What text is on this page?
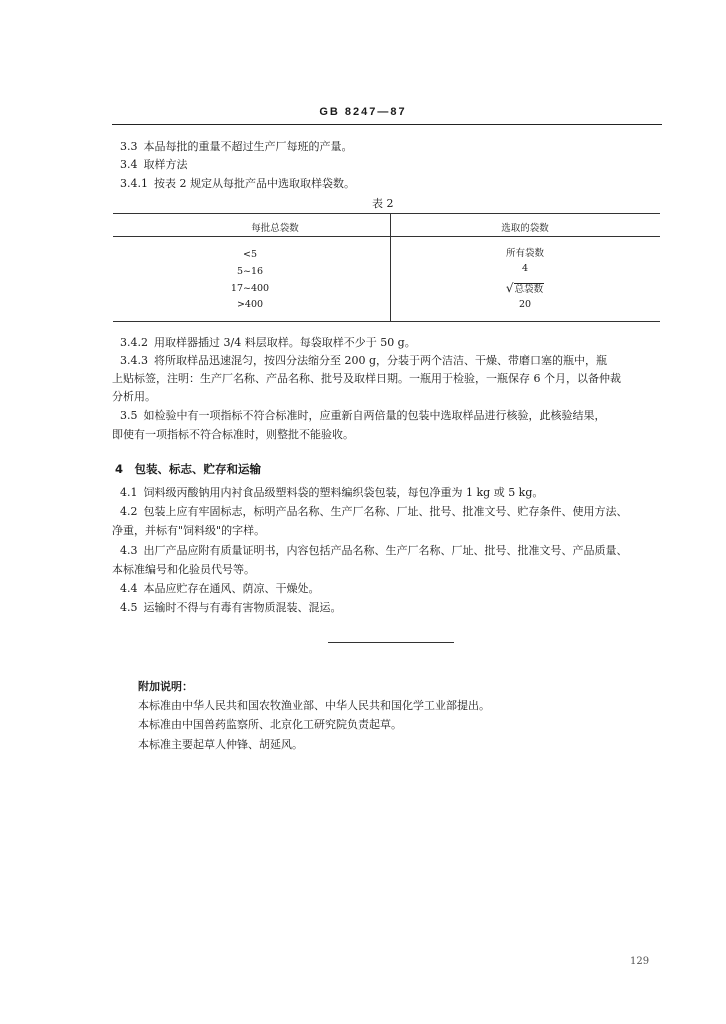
GB 8247—87
3.3 本品每批的重量不超过生产厂每班的产量。
3.4 取样方法
3.4.1 按表 2 规定从每批产品中选取取样袋数。
表 2
每批总袋数	选取的袋数
<5	所有袋数
5~16	4
17~400	√总袋数
>400	20
3.4.2 用取样器插过 3/4 料层取样。每袋取样不少于 50 g。
3.4.3 将所取样品迅速混匀，按四分法缩分至 200 g，分装于两个洁洁、干燥、带磨口塞的瓶中，瓶
上贴标签，注明：生产厂名称、产品名称、批号及取样日期。一瓶用于检验，一瓶保存 6 个月，以备仲裁
分析用。
3.5 如检验中有一项指标不符合标准时，应重新自两倍量的包装中选取样品进行核验，此核验结果，
即使有一项指标不符合标准时，则整批不能验收。
4　包装、标志、贮存和运输
4.1 饲料级丙酸钠用内衬食品级塑料袋的塑料编织袋包装，每包净重为 1 kg 或 5 kg。
4.2 包装上应有牢固标志，标明产品名称、生产厂名称、厂址、批号、批准文号、贮存条件、使用方法、
净重，并标有"饲料级"的字样。
4.3 出厂产品应附有质量证明书，内容包括产品名称、生产厂名称、厂址、批号、批准文号、产品质量、
本标准编号和化验员代号等。
4.4 本品应贮存在通风、荫凉、干燥处。
4.5 运输时不得与有毒有害物质混装、混运。
附加说明：
本标准由中华人民共和国农牧渔业部、中华人民共和国化学工业部提出。
本标准由中国兽药监察所、北京化工研究院负责起草。
本标准主要起草人仲锋、胡延风。
129
